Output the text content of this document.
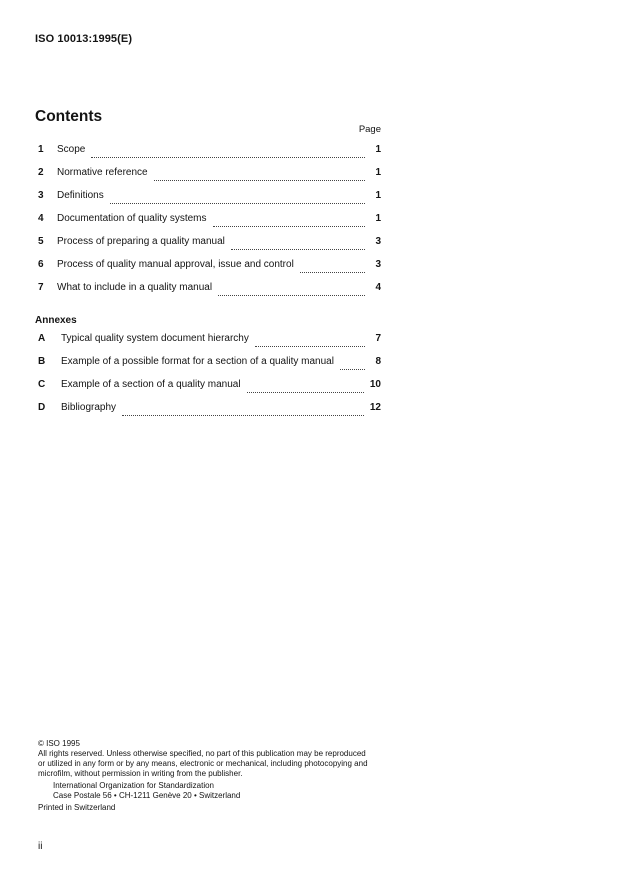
ISO 10013:1995(E)
Contents
Page
1	Scope	1
2	Normative reference	1
3	Definitions	1
4	Documentation of quality systems	1
5	Process of preparing a quality manual	3
6	Process of quality manual approval, issue and control	3
7	What to include in a quality manual	4
Annexes
A	Typical quality system document hierarchy	7
B	Example of a possible format for a section of a quality manual	8
C	Example of a section of a quality manual	10
D	Bibliography	12
© ISO 1995
All rights reserved. Unless otherwise specified, no part of this publication may be reproduced
or utilized in any form or by any means, electronic or mechanical, including photocopying and
microfilm, without permission in writing from the publisher.
International Organization for Standardization
Case Postale 56 • CH-1211 Genève 20 • Switzerland
Printed in Switzerland
ii
